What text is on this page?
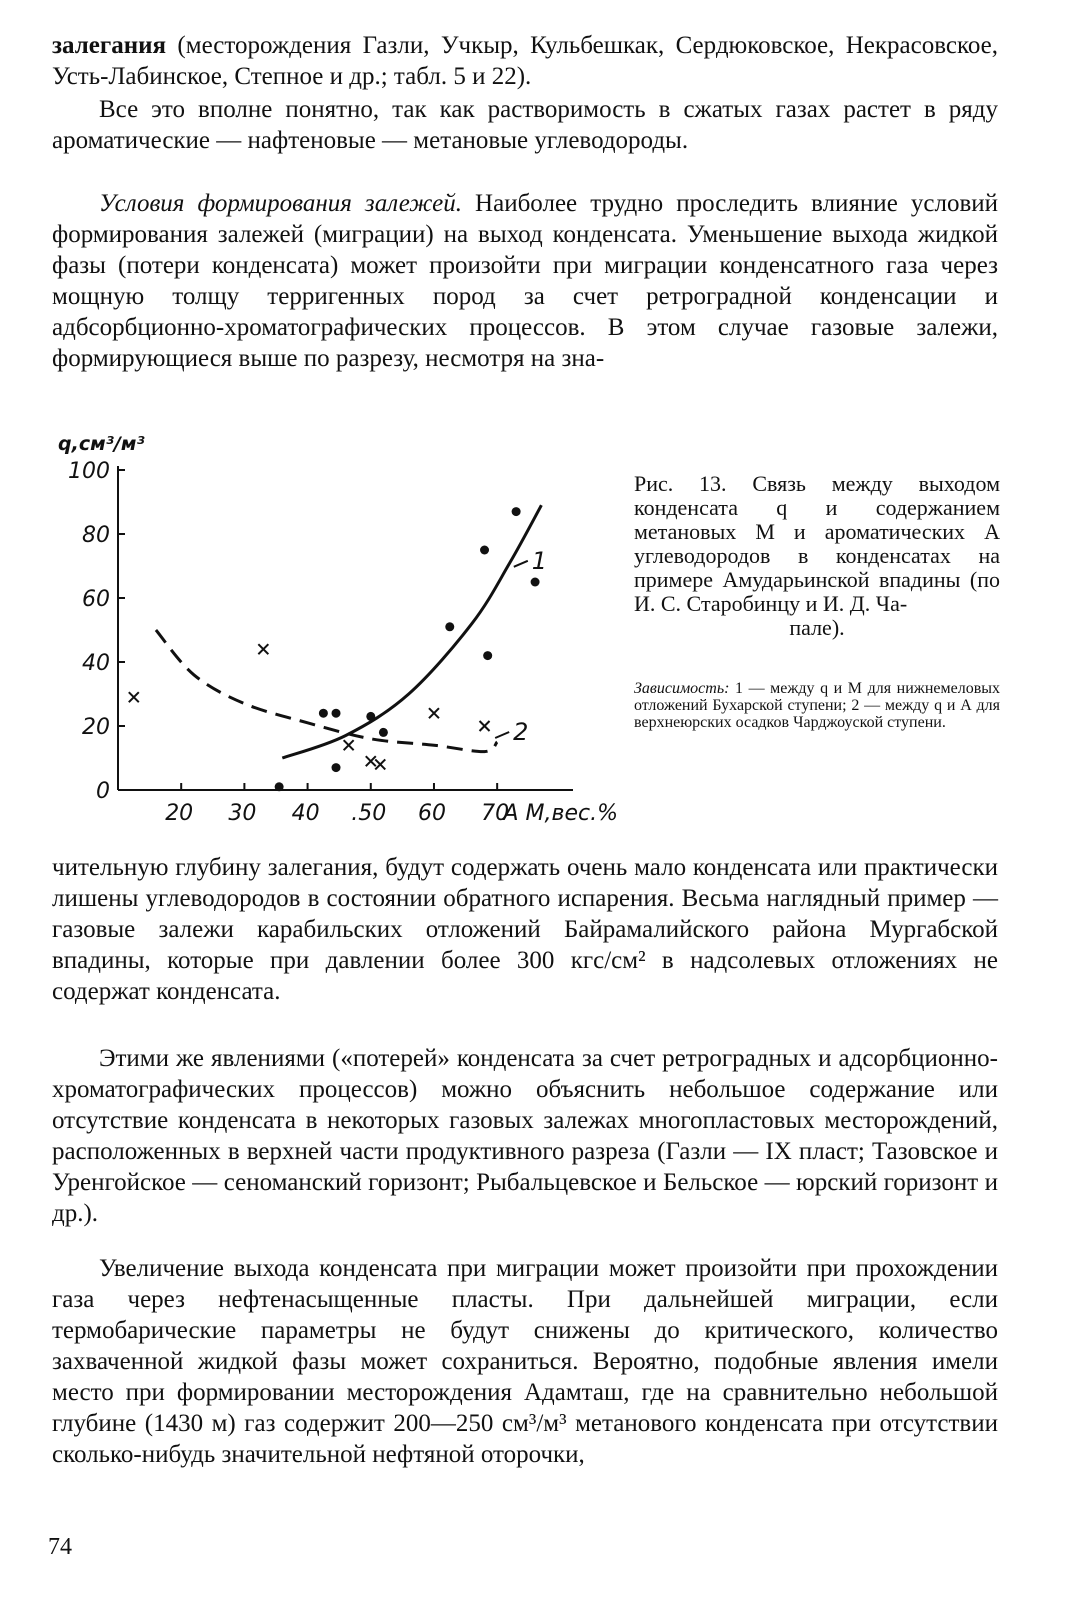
залегания (месторождения Газли, Учкыр, Кульбешкак, Сердюковское, Некрасовское, Усть-Лабинское, Степное и др.; табл. 5 и 22).

Все это вполне понятно, так как растворимость в сжатых газах растет в ряду ароматические — нафтеновые — метановые углеводороды.

Условия формирования залежей. Наиболее трудно проследить влияние условий формирования залежей (миграции) на выход конденсата. Уменьшение выхода жидкой фазы (потери конденсата) может произойти при миграции конденсатного газа через мощную толщу терригенных пород за счет ретроградной конденсации и адбсорбционно-хроматографических процессов. В этом случае газовые залежи, формирующиеся выше по разрезу, несмотря на зна-

0
20
40
60
80
100
20 30 40 .50 60 70
1
2
q,см³/м³
А М,вес.%

Рис. 13. Связь между выходом конденсата q и содержанием метановых М и ароматических А углеводородов в конденсатах на примере Амударьинской впадины (по И. С. Старобинцу и И. Д. Ча-
пале).

Зависимость: 1 — между q и М для нижнемеловых отложений Бухарской ступени; 2 — между q и А для верхнеюрских осадков Чарджоуской ступени.

чительную глубину залегания, будут содержать очень мало конденсата или практически лишены углеводородов в состоянии обратного испарения. Весьма наглядный пример — газовые залежи карабильских отложений Байрамалийского района Мургабской впадины, которые при давлении более 300 кгс/см² в надсолевых отложениях не содержат конденсата.

Этими же явлениями («потерей» конденсата за счет ретроградных и адсорбционно-хроматографических процессов) можно объяснить небольшое содержание или отсутствие конденсата в некоторых газовых залежах многопластовых месторождений, расположенных в верхней части продуктивного разреза (Газли — IX пласт; Тазовское и Уренгойское — сеноманский горизонт; Рыбальцевское и Бельское — юрский горизонт и др.).

Увеличение выхода конденсата при миграции может произойти при прохождении газа через нефтенасыщенные пласты. При дальнейшей миграции, если термобарические параметры не будут снижены до критического, количество захваченной жидкой фазы может сохраниться. Вероятно, подобные явления имели место при формировании месторождения Адамташ, где на сравнительно небольшой глубине (1430 м) газ содержит 200—250 см³/м³ метанового конденсата при отсутствии сколько-нибудь значительной нефтяной оторочки,

74
